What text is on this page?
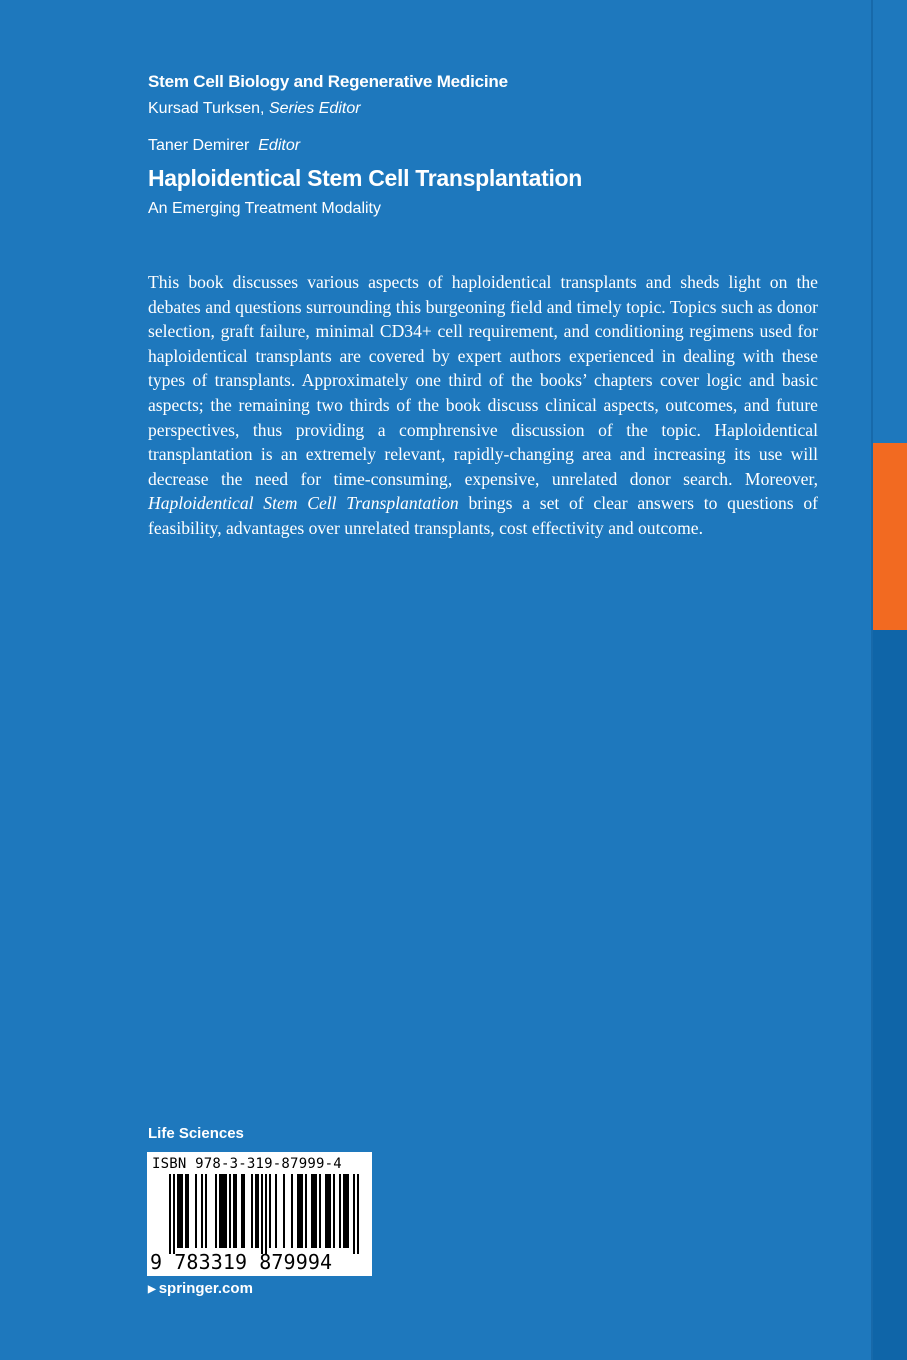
Stem Cell Biology and Regenerative Medicine
Kursad Turksen, Series Editor
Taner Demirer Editor
Haploidentical Stem Cell Transplantation
An Emerging Treatment Modality
This book discusses various aspects of haploidentical transplants and sheds light on the debates and questions surrounding this burgeoning field and timely topic. Topics such as donor selection, graft failure, minimal CD34+ cell requirement, and conditioning regimens used for haploidentical transplants are covered by expert authors experienced in dealing with these types of transplants. Approximately one third of the books’ chapters cover logic and basic aspects; the remaining two thirds of the book discuss clinical aspects, outcomes, and future perspectives, thus providing a comphrensive discussion of the topic. Haploidentical transplantation is an extremely relevant, rapidly-changing area and increasing its use will decrease the need for time-consuming, expensive, unrelated donor search. Moreover, Haploidentical Stem Cell Transplantation brings a set of clear answers to questions of feasibility, advantages over unrelated transplants, cost effectivity and outcome.
Life Sciences
ISBN 978-3-319-87999-4
9 783319 879994
▶ springer.com
